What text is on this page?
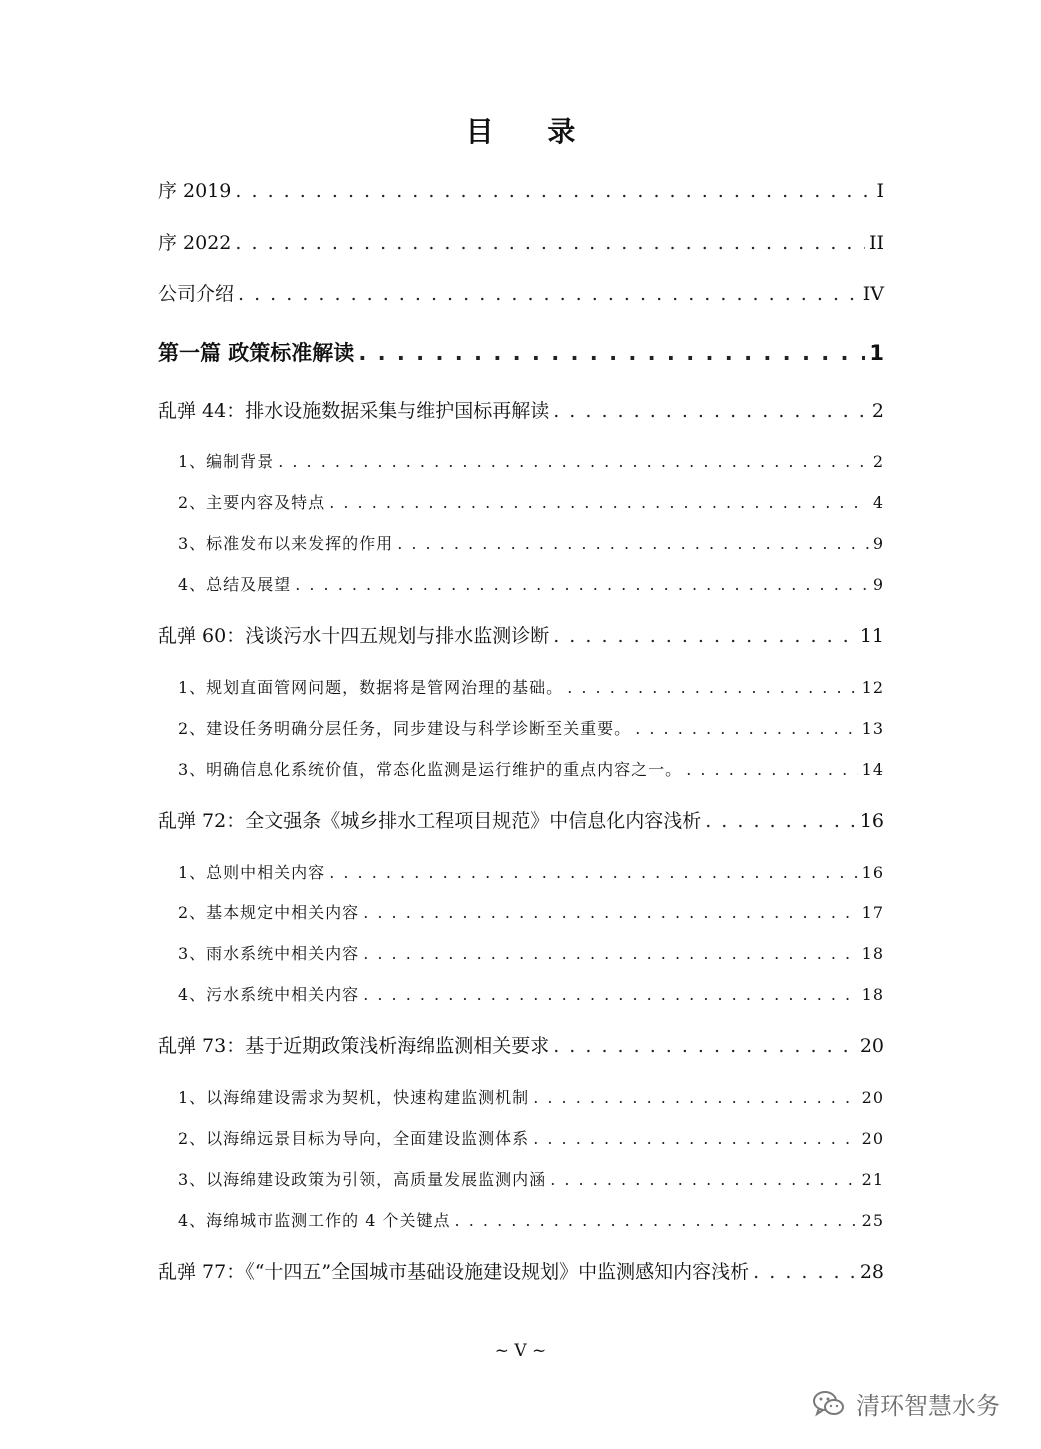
目 录
序 2019 . . .	I
序 2022 . . .	II
公司介绍 . . .	IV
第一篇 政策标准解读 . . .	1
乱弹 44：排水设施数据采集与维护国标再解读 . . .	2
1、编制背景 . . .	2
2、主要内容及特点 . . .	4
3、标准发布以来发挥的作用 . . .	9
4、总结及展望 . . .	9
乱弹 60：浅谈污水十四五规划与排水监测诊断 . . .	11
1、规划直面管网问题，数据将是管网治理的基础。 . . .	12
2、建设任务明确分层任务，同步建设与科学诊断至关重要。 . . .	13
3、明确信息化系统价值，常态化监测是运行维护的重点内容之一。 . . .	14
乱弹 72：全文强条《城乡排水工程项目规范》中信息化内容浅析 . . .	16
1、总则中相关内容 . . .	16
2、基本规定中相关内容 . . .	17
3、雨水系统中相关内容 . . .	18
4、污水系统中相关内容 . . .	18
乱弹 73：基于近期政策浅析海绵监测相关要求 . . .	20
1、以海绵建设需求为契机，快速构建监测机制 . . .	20
2、以海绵远景目标为导向，全面建设监测体系 . . .	20
3、以海绵建设政策为引领，高质量发展监测内涵 . . .	21
4、海绵城市监测工作的 4 个关键点 . . .	25
乱弹 77：《“十四五”全国城市基础设施建设规划》中监测感知内容浅析 . . .	28
~ V ~
清环智慧水务
